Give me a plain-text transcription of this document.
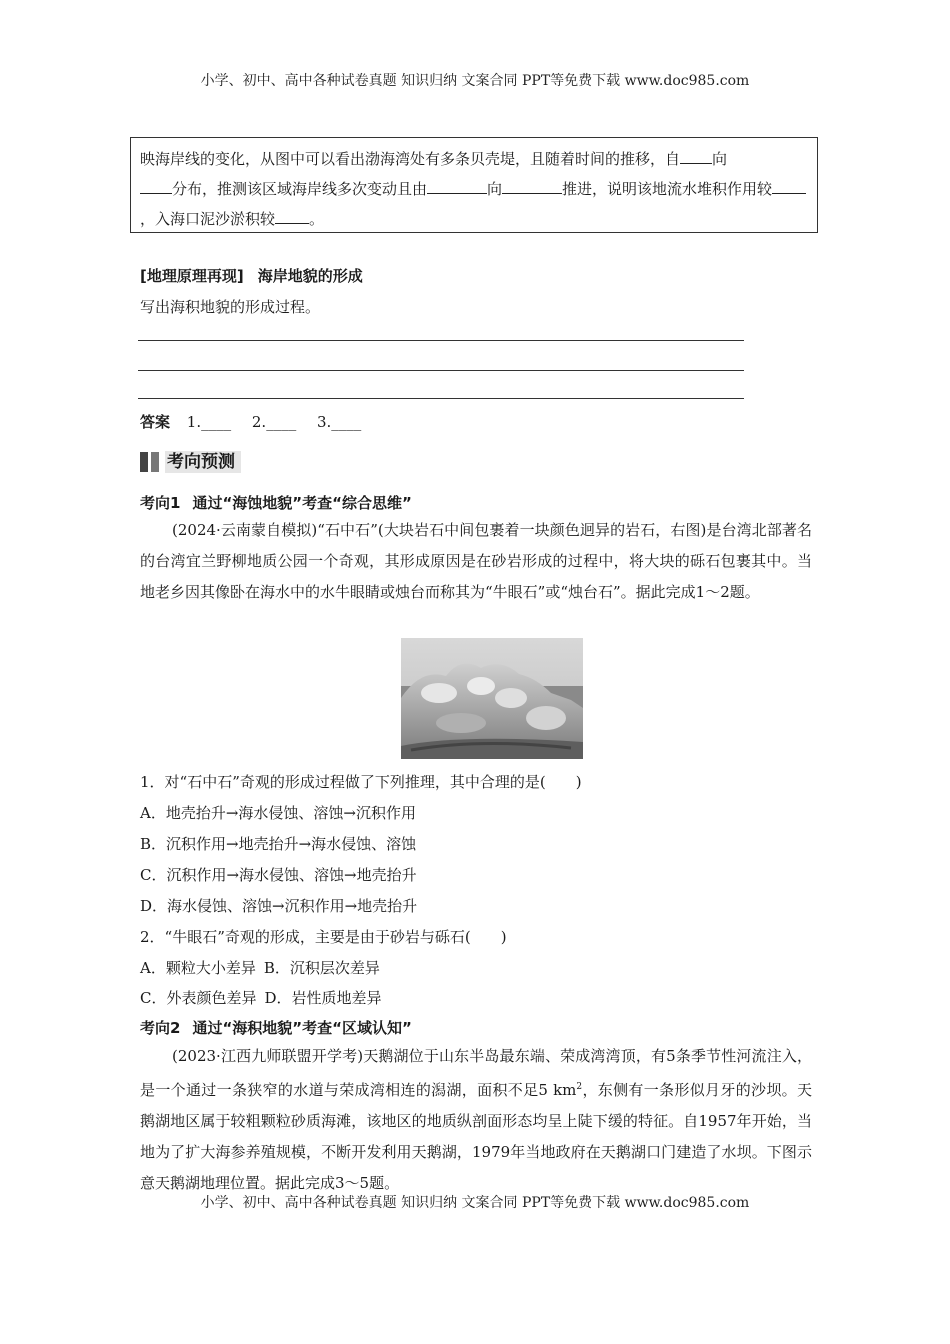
小学、初中、高中各种试卷真题 知识归纳 文案合同 PPT等免费下载 www.doc985.com
映海岸线的变化，从图中可以看出渤海湾处有多条贝壳堤，且随着时间的推移，自 向
分布，推测该区域海岸线多次变动且由	向	推进，说明该地流水堆积作用较，入海口泥沙淤积较 。
[地理原理再现] 海岸地貌的形成
写出海积地貌的形成过程。
答案 1.____ 2.____ 3.____
考向预测
考向1 通过“海蚀地貌”考查“综合思维”
(2024·云南蒙自模拟)“石中石”(大块岩石中间包裹着一块颜色迥异的岩石，右图)是台湾北部著名的台湾宜兰野柳地质公园一个奇观，其形成原因是在砂岩形成的过程中，将大块的砾石包裹其中。当地老乡因其像卧在海水中的水牛眼睛或烛台而称其为“牛眼石”或“烛台石”。据此完成1～2题。
1．对“石中石”奇观的形成过程做了下列推理，其中合理的是(　　)
A．地壳抬升→海水侵蚀、溶蚀→沉积作用
B．沉积作用→地壳抬升→海水侵蚀、溶蚀
C．沉积作用→海水侵蚀、溶蚀→地壳抬升
D．海水侵蚀、溶蚀→沉积作用→地壳抬升
2．“牛眼石”奇观的形成，主要是由于砂岩与砾石(　　)
A．颗粒大小差异 B．沉积层次差异
C．外表颜色差异 D．岩性质地差异
考向2 通过“海积地貌”考查“区域认知”
(2023·江西九师联盟开学考)天鹅湖位于山东半岛最东端、荣成湾湾顶，有5条季节性河流注入，是一个通过一条狭窄的水道与荣成湾相连的潟湖，面积不足5 $km^2$，东侧有一条形似月牙的沙坝。天鹅湖地区属于较粗颗粒砂质海滩，该地区的地质纵剖面形态均呈上陡下缓的特征。自1957年开始，当地为了扩大海参养殖规模，不断开发利用天鹅湖，1979年当地政府在天鹅湖口门建造了水坝。下图示意天鹅湖地理位置。据此完成3～5题。
小学、初中、高中各种试卷真题 知识归纳 文案合同 PPT等免费下载 www.doc985.com
